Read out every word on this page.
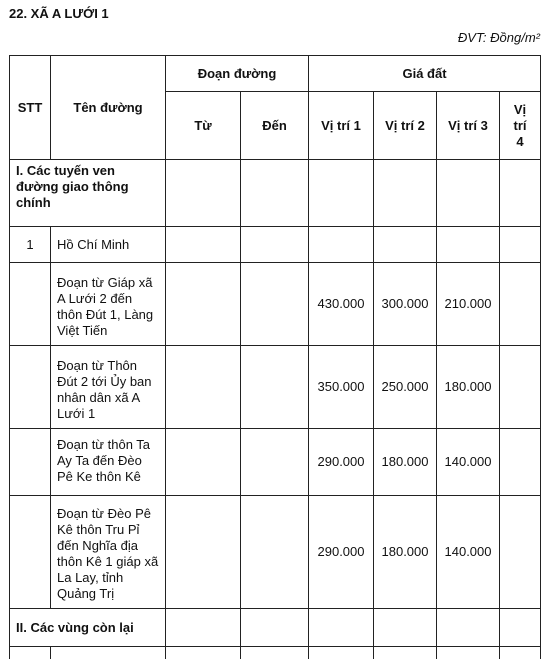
22. XÃ A LƯỚI 1
ĐVT: Đồng/m²
STT	Tên đường	Đoạn đường		Giá đất			
		Từ	Đến	Vị trí 1	Vị trí 2	Vị trí 3	Vị trí 4
I. Các tuyến ven đường giao thông chính							
1	Hồ Chí Minh						
	Đoạn từ Giáp xã A Lưới 2 đến thôn Đút 1, Làng Việt Tiến			430.000	300.000	210.000	
	Đoạn từ Thôn Đút 2 tới Ủy ban nhân dân xã A Lưới 1			350.000	250.000	180.000	
	Đoạn từ thôn Ta Ay Ta đến Đèo Pê Ke thôn Kê			290.000	180.000	140.000	
	Đoạn từ Đèo Pê Kê thôn Tru Pỉ đến Nghĩa địa thôn Kê 1 giáp xã La Lay, tỉnh Quảng Trị			290.000	180.000	140.000	
II. Các vùng còn lại							
